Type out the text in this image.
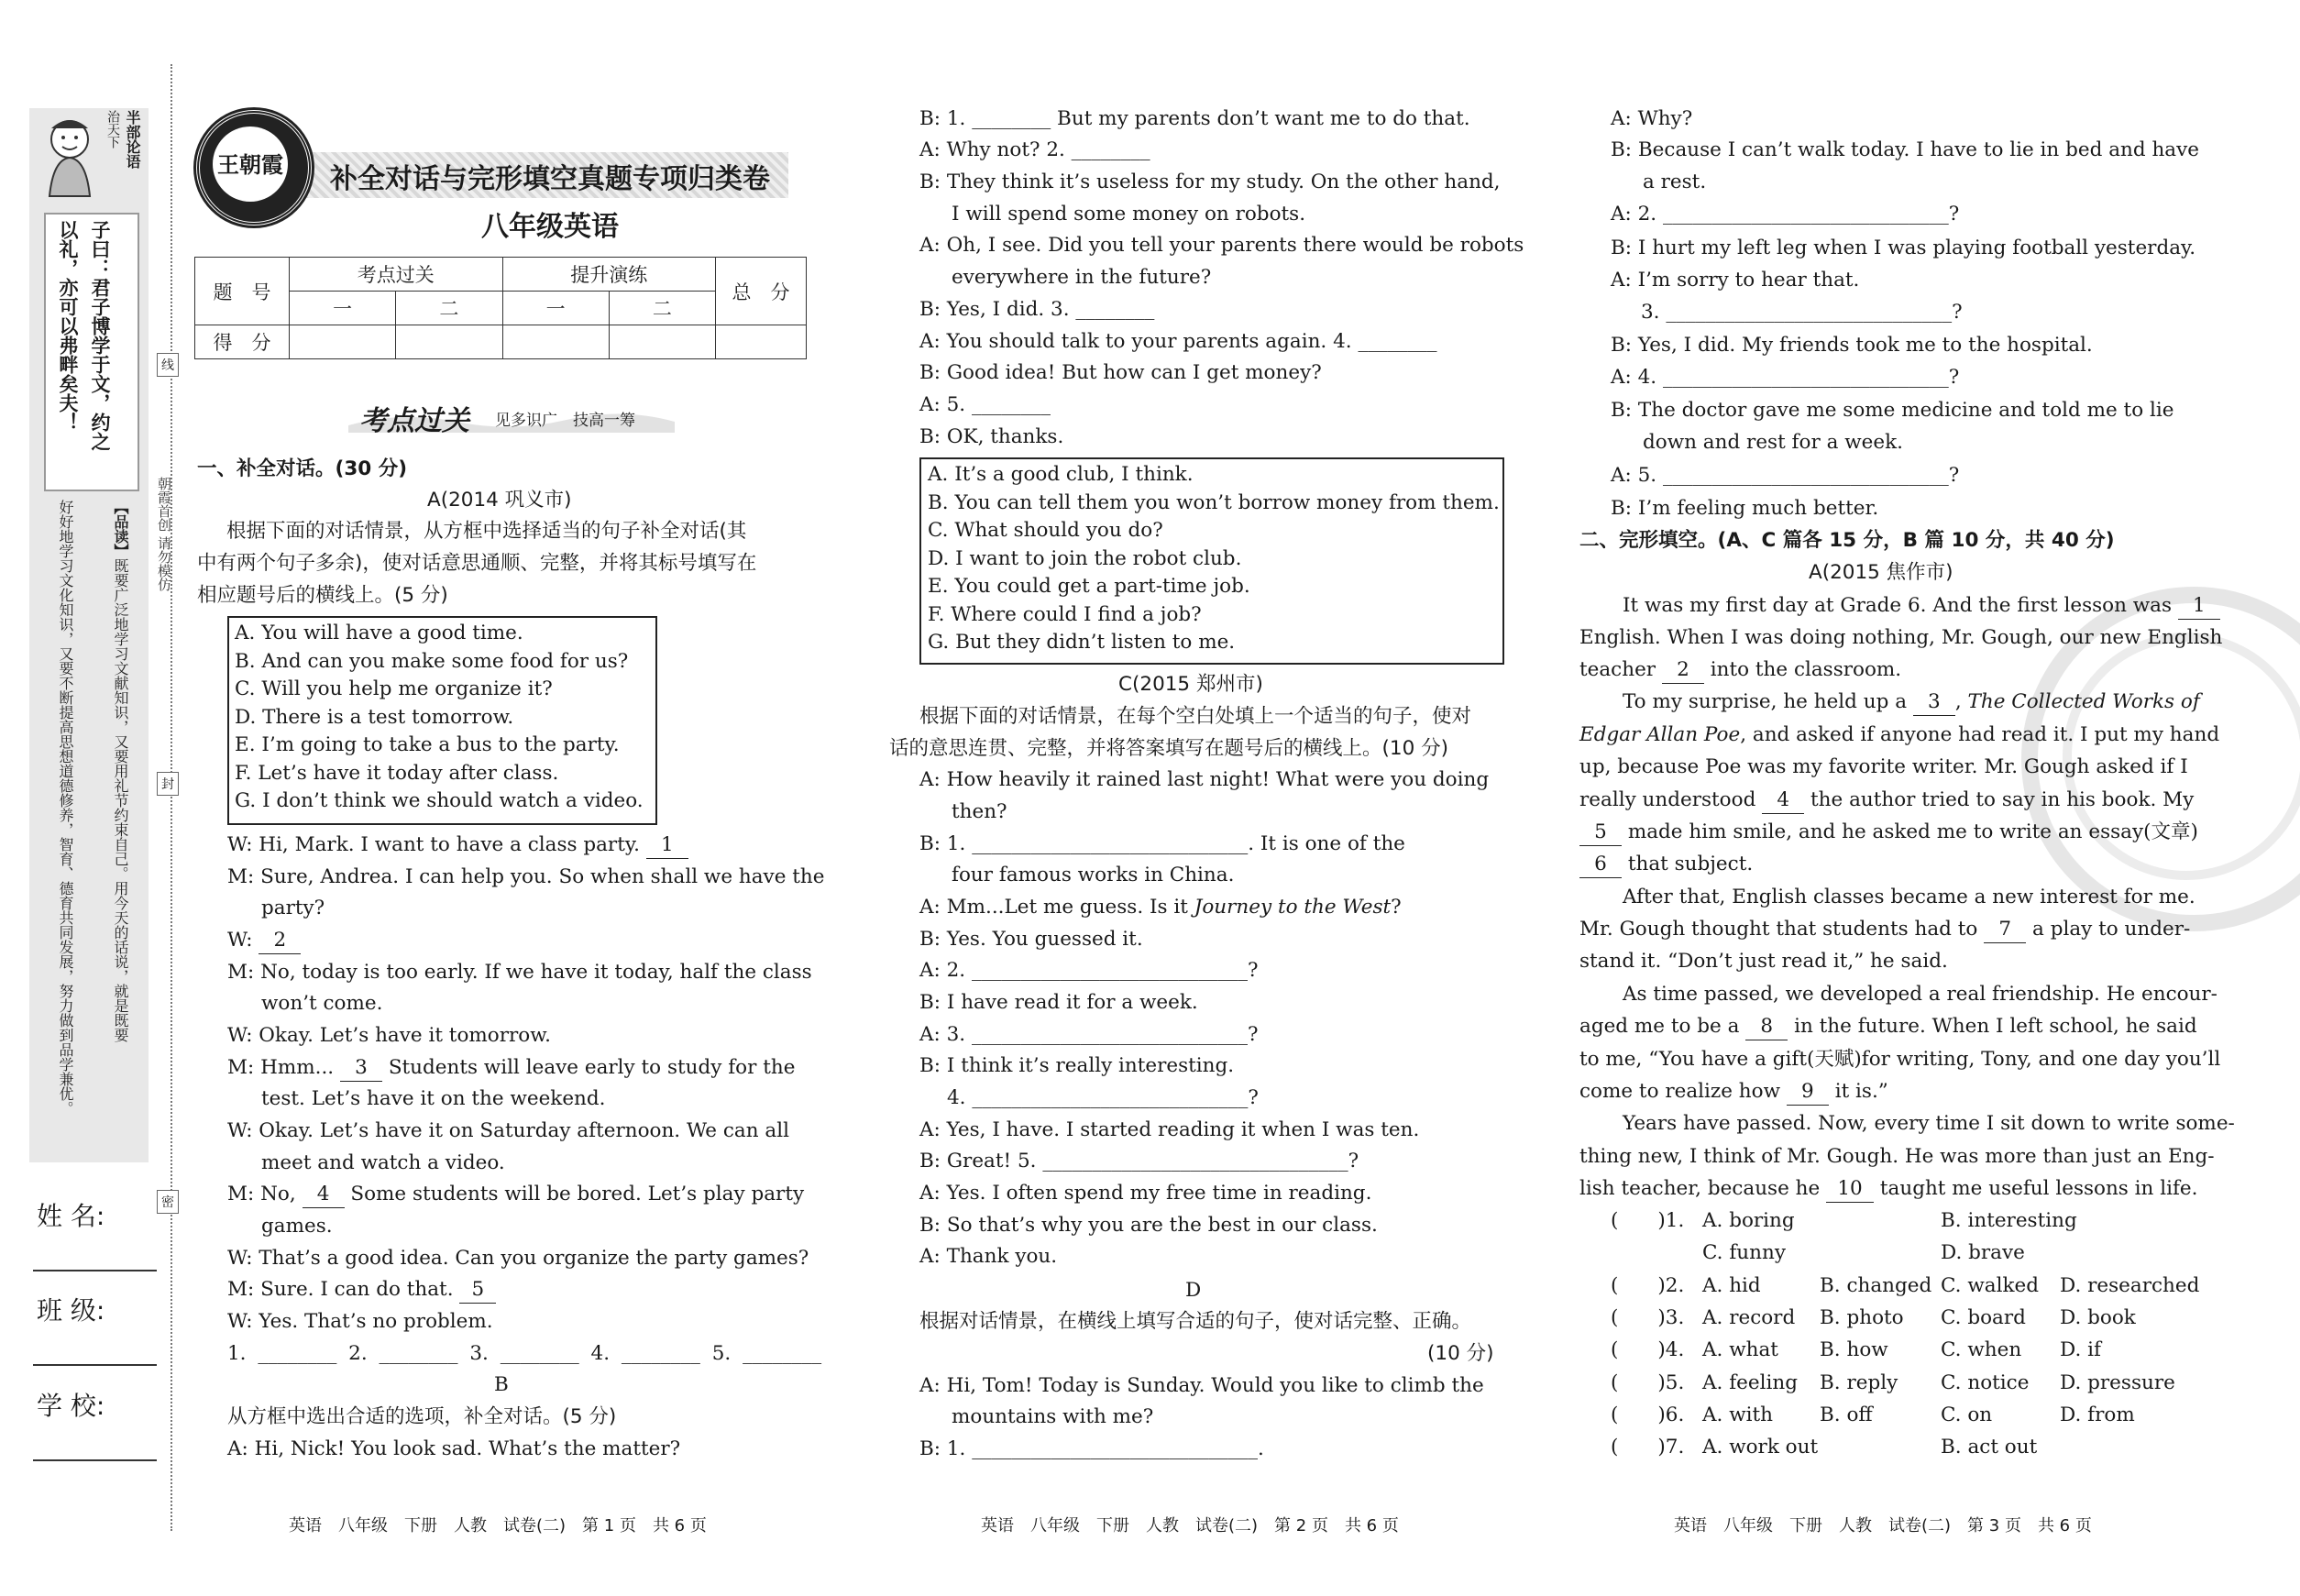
半部论语
治天下
子曰：君子博学于文，约之
以礼，亦可以弗畔矣夫！
【品读】既要广泛地学习文献知识，又要用礼节约束自己。用今天的话说，就是既要
好好地学习文化知识，又要不断提高思想道德修养，智育、德育共同发展，努力做到品学兼优。	朝霞首创 请勿模仿
线
封
密
姓 名:
班 级:
学 校:
王朝霞	补全对话与完形填空真题专项归类卷
八年级英语
题　号	考点过关		提升演练		总　分
	一	二	一	二	
得　分					
考点过关 见多识广　技高一筹
一、补全对话。(30 分)
A(2014 巩义市)
根据下面的对话情景，从方框中选择适当的句子补全对话(其
中有两个句子多余)，使对话意思通顺、完整，并将其标号填写在
相应题号后的横线上。(5 分)
A. You will have a good time.
B. And can you make some food for us?
C. Will you help me organize it?
D. There is a test tomorrow.
E. I’m going to take a bus to the party.
F. Let’s have it today after class.
G. I don’t think we should watch a video.
W: Hi, Mark. I want to have a class party. 1
M: Sure, Andrea. I can help you. So when shall we have the
party?
W: 2
M: No, today is too early. If we have it today, half the class
won’t come.
W: Okay. Let’s have it tomorrow.
M: Hmm... 3 Students will leave early to study for the
test. Let’s have it on the weekend.
W: Okay. Let’s have it on Saturday afternoon. We can all
meet and watch a video.
M: No, 4 Some students will be bored. Let’s play party
games.
W: That’s a good idea. Can you organize the party games?
M: Sure. I can do that. 5
W: Yes. That’s no problem.
1. ________ 2. ________ 3. ________ 4. ________ 5. ________
B
从方框中选出合适的选项，补全对话。(5 分)
A: Hi, Nick! You look sad. What’s the matter?
英语　八年级　下册　人教　试卷(二)　第 1 页　共 6 页
B: 1. ________ But my parents don’t want me to do that.
A: Why not? 2. ________
B: They think it’s useless for my study. On the other hand,
I will spend some money on robots.
A: Oh, I see. Did you tell your parents there would be robots
everywhere in the future?
B: Yes, I did. 3. ________
A: You should talk to your parents again. 4. ________
B: Good idea! But how can I get money?
A: 5. ________
B: OK, thanks.
A. It’s a good club, I think.
B. You can tell them you won’t borrow money from them.
C. What should you do?
D. I want to join the robot club.
E. You could get a part-time job.
F. Where could I find a job?
G. But they didn’t listen to me.
C(2015 郑州市)
根据下面的对话情景，在每个空白处填上一个适当的句子，使对
话的意思连贯、完整，并将答案填写在题号后的横线上。(10 分)
A: How heavily it rained last night! What were you doing
then?
B: 1. ____________________________. It is one of the
four famous works in China.
A: Mm...Let me guess. Is it Journey to the West?
B: Yes. You guessed it.
A: 2. ____________________________?
B: I have read it for a week.
A: 3. ____________________________?
B: I think it’s really interesting.
4. ____________________________?
A: Yes, I have. I started reading it when I was ten.
B: Great! 5. _______________________________?
A: Yes. I often spend my free time in reading.
B: So that’s why you are the best in our class.
A: Thank you.
D
根据对话情景，在横线上填写合适的句子，使对话完整、正确。
(10 分)
A: Hi, Tom! Today is Sunday. Would you like to climb the
mountains with me?
B: 1. _____________________________.
英语　八年级　下册　人教　试卷(二)　第 2 页　共 6 页
A: Why?
B: Because I can’t walk today. I have to lie in bed and have
a rest.
A: 2. _____________________________?
B: I hurt my left leg when I was playing football yesterday.
A: I’m sorry to hear that.
3. _____________________________?
B: Yes, I did. My friends took me to the hospital.
A: 4. _____________________________?
B: The doctor gave me some medicine and told me to lie
down and rest for a week.
A: 5. _____________________________?
B: I’m feeling much better.
二、完形填空。(A、C 篇各 15 分，B 篇 10 分，共 40 分)
A(2015 焦作市)
It was my first day at Grade 6. And the first lesson was 1
English. When I was doing nothing, Mr. Gough, our new English
teacher 2 into the classroom.
To my surprise, he held up a 3 , The Collected Works of
Edgar Allan Poe, and asked if anyone had read it. I put my hand
up, because Poe was my favorite writer. Mr. Gough asked if I
really understood 4 the author tried to say in his book. My
5 made him smile, and he asked me to write an essay(文章)
6 that subject.
After that, English classes became a new interest for me.
Mr. Gough thought that students had to 7 a play to under-
stand it. “Don’t just read it,” he said.
As time passed, we developed a real friendship. He encour-
aged me to be a 8 in the future. When I left school, he said
to me, “You have a gift(天赋)for writing, Tony, and one day you’ll
come to realize how 9 it is.”
Years have passed. Now, every time I sit down to write some-
thing new, I think of Mr. Gough. He was more than just an Eng-
lish teacher, because he 10 taught me useful lessons in life.
(　　)1. A. boring	B. interesting
C. funny	D. brave
(　　)2. A. hid	B. changed C. walked D. researched
(　　)3. A. record B. photo C. board D. book
(　　)4. A. what B. how	C. when D. if
(　　)5. A. feeling B. reply C. notice D. pressure
(　　)6. A. with B. off	C. on	D. from
(　　)7. A. work out	B. act out
英语　八年级　下册　人教　试卷(二)　第 3 页　共 6 页
